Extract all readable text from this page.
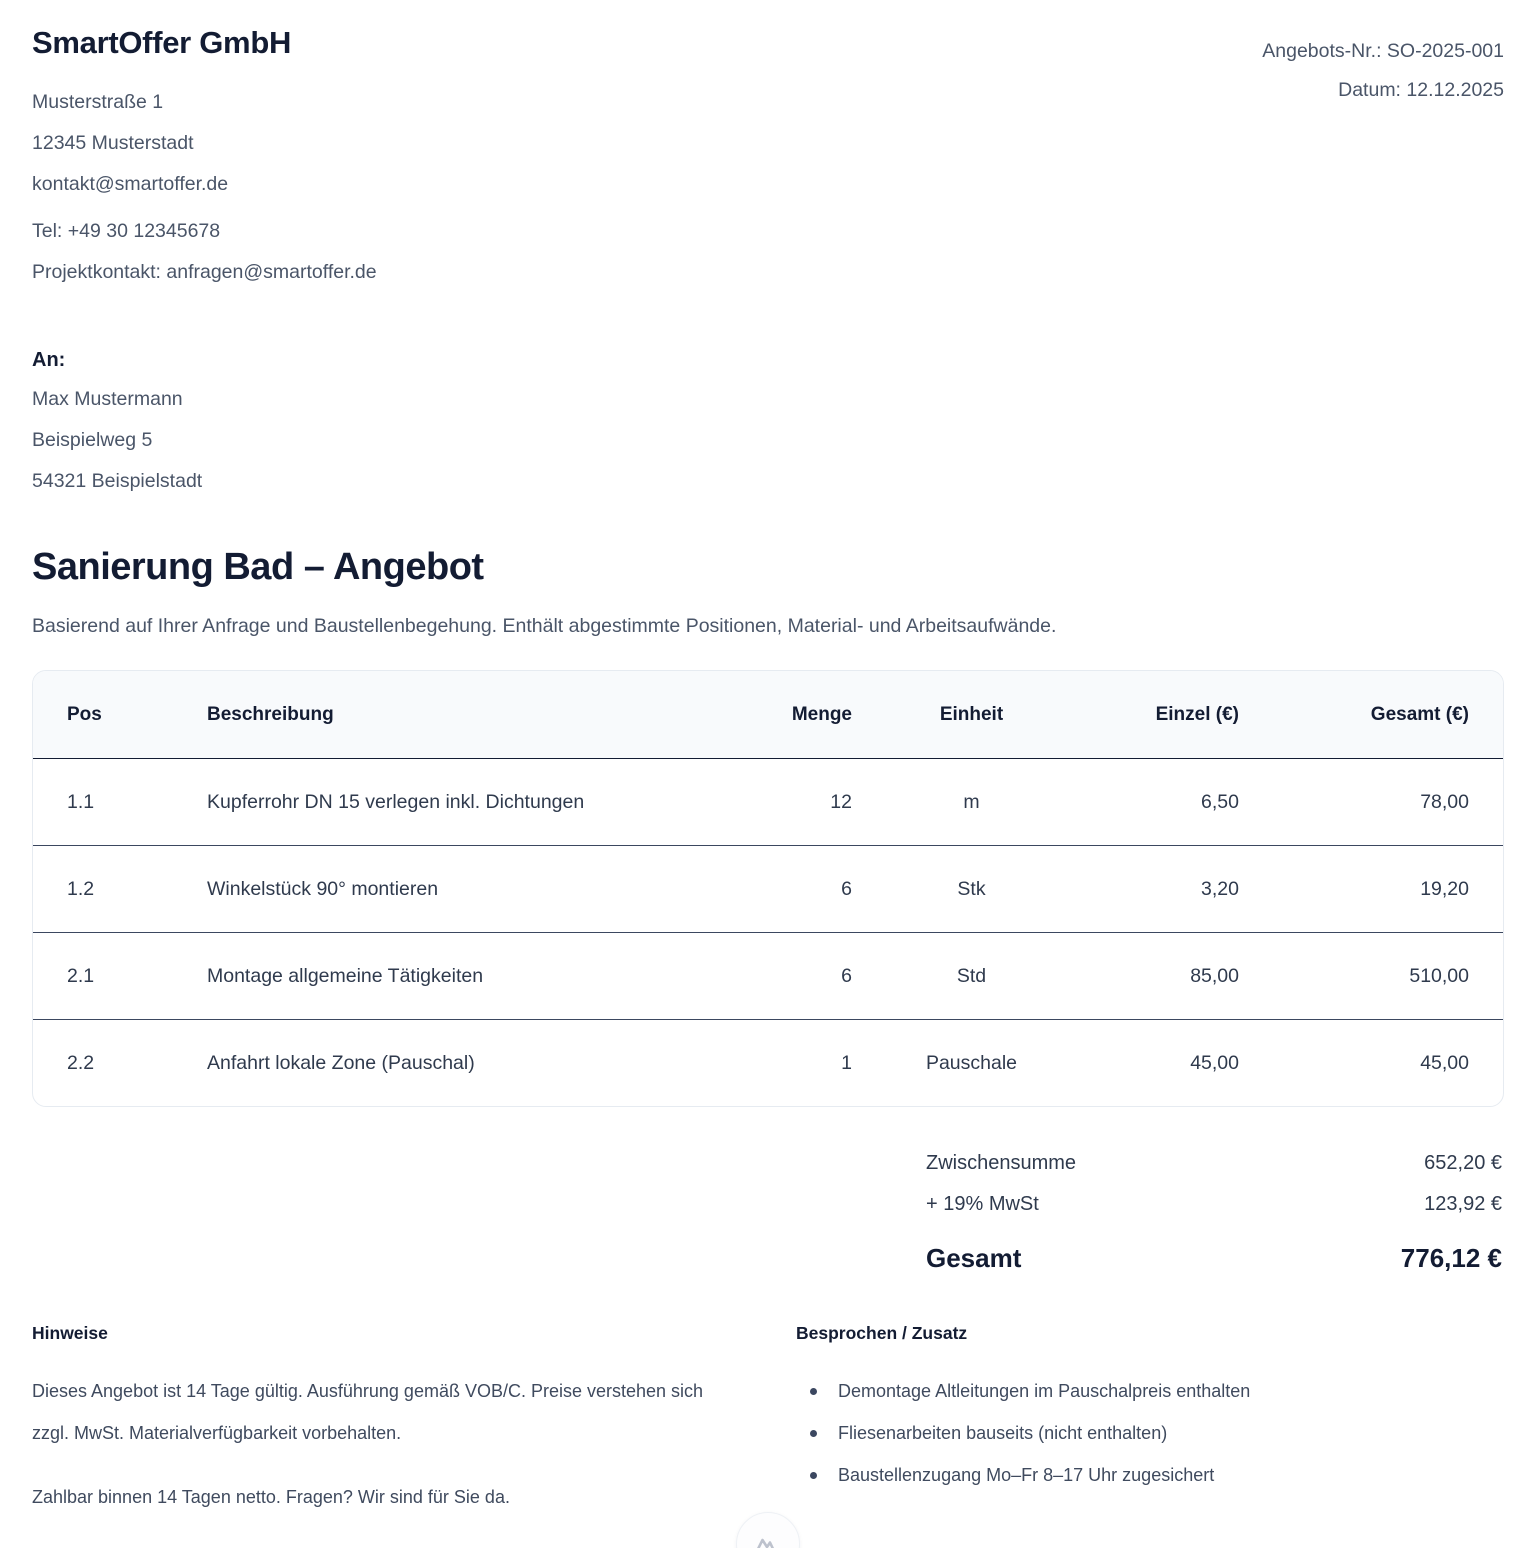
SmartOffer GmbH
Musterstraße 1
12345 Musterstadt
kontakt@smartoffer.de
Tel: +49 30 12345678
Projektkontakt: anfragen@smartoffer.de
Angebots-Nr.: SO-2025-001
Datum: 12.12.2025
An:
Max Mustermann
Beispielweg 5
54321 Beispielstadt
Sanierung Bad – Angebot
Basierend auf Ihrer Anfrage und Baustellenbegehung. Enthält abgestimmte Positionen, Material- und Arbeitsaufwände.
Pos	Beschreibung	Menge	Einheit	Einzel (€)	Gesamt (€)
1.1	Kupferrohr DN 15 verlegen inkl. Dichtungen	12	m	6,50	78,00
1.2	Winkelstück 90° montieren	6	Stk	3,20	19,20
2.1	Montage allgemeine Tätigkeiten	6	Std	85,00	510,00
2.2	Anfahrt lokale Zone (Pauschal)	1	Pauschale	45,00	45,00
Zwischensumme	652,20 €
+ 19% MwSt	123,92 €
Gesamt	776,12 €
Hinweise

Dieses Angebot ist 14 Tage gültig. Ausführung gemäß VOB/C. Preise verstehen sich zzgl. MwSt. Materialverfügbarkeit vorbehalten.

Zahlbar binnen 14 Tagen netto. Fragen? Wir sind für Sie da.

Besprochen / Zusatz
Demontage Altleitungen im Pauschalpreis enthalten
Fliesenarbeiten bauseits (nicht enthalten)
Baustellenzugang Mo–Fr 8–17 Uhr zugesichert
